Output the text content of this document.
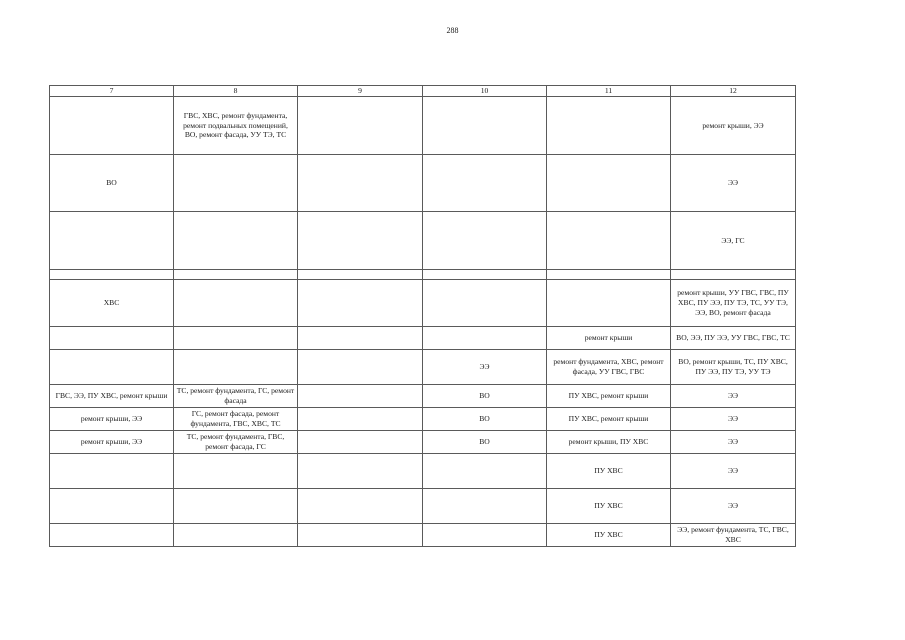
288
7	8	9	10	11	12
	ГВС, ХВС, ремонт фундамента, ремонт подвальных помещений, ВО, ремонт фасада, УУ ТЭ, ТС				ремонт крыши, ЭЭ
ВО					ЭЭ
					ЭЭ, ГС

ХВС					ремонт крыши, УУ ГВС, ГВС, ПУ ХВС, ПУ ЭЭ, ПУ ТЭ, ТС, УУ ТЭ, ЭЭ, ВО, ремонт фасада
				ремонт крыши	ВО, ЭЭ, ПУ ЭЭ, УУ ГВС, ГВС, ТС
			ЭЭ	ремонт фундамента, ХВС, ремонт фасада, УУ ГВС, ГВС	ВО, ремонт крыши, ТС, ПУ ХВС, ПУ ЭЭ, ПУ ТЭ, УУ ТЭ
ГВС, ЭЭ, ПУ ХВС, ремонт крыши	ТС, ремонт фундамента, ГС, ремонт фасада		ВО	ПУ ХВС, ремонт крыши	ЭЭ
ремонт крыши, ЭЭ	ГС, ремонт фасада, ремонт фундамента, ГВС, ХВС, ТС		ВО	ПУ ХВС, ремонт крыши	ЭЭ
ремонт крыши, ЭЭ	ТС, ремонт фундамента, ГВС, ремонт фасада, ГС		ВО	ремонт крыши, ПУ ХВС	ЭЭ
				ПУ ХВС	ЭЭ
				ПУ ХВС	ЭЭ
				ПУ ХВС	ЭЭ, ремонт фундамента, ТС, ГВС, ХВС
